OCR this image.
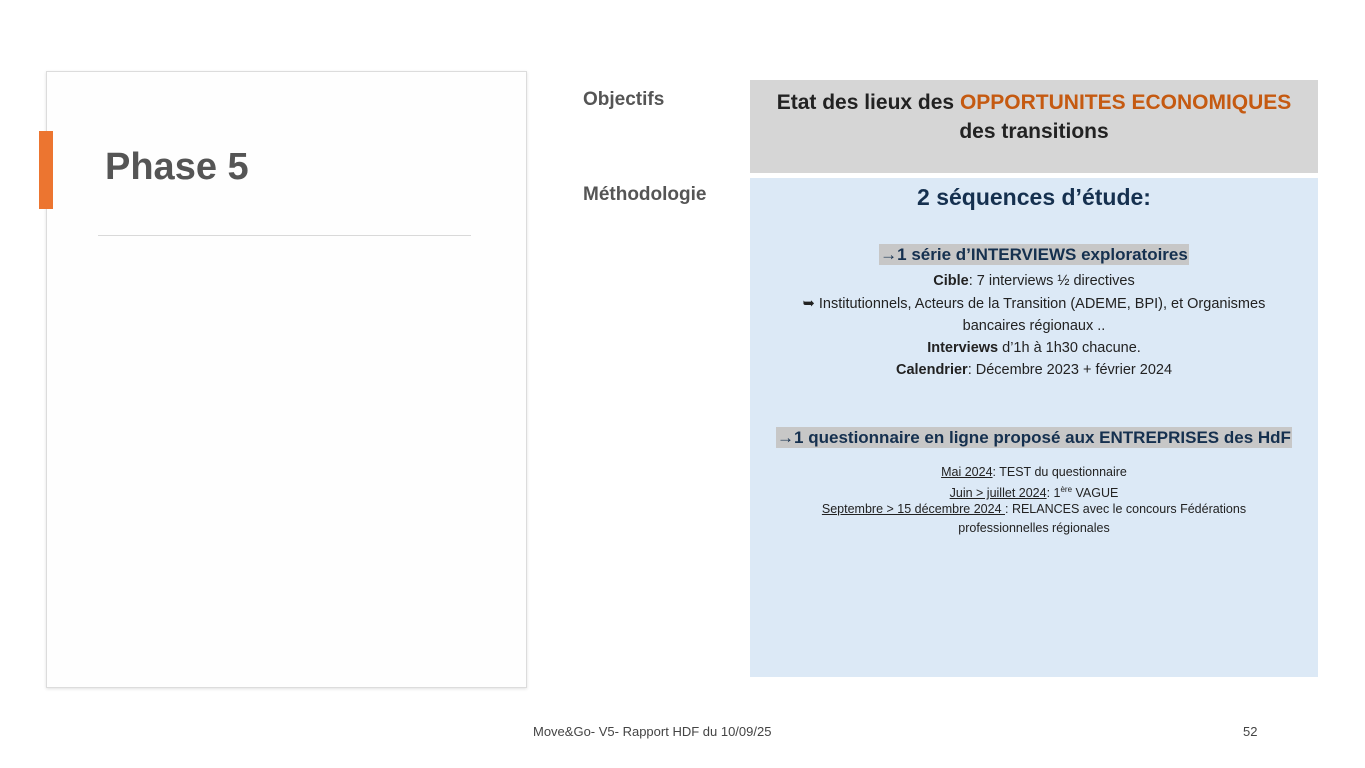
Phase 5
Objectifs
Méthodologie
Etat des lieux des OPPORTUNITES ECONOMIQUES
des transitions
2 séquences d’étude:
→1 série d’INTERVIEWS exploratoires
Cible: 7 interviews ½ directives
➥ Institutionnels, Acteurs de la Transition (ADEME, BPI), et Organismes
bancaires régionaux ..
Interviews d’1h à 1h30 chacune.
Calendrier: Décembre 2023 + février 2024
→1 questionnaire en ligne proposé aux ENTREPRISES des HdF
Mai 2024: TEST du questionnaire
Juin > juillet 2024: 1ère VAGUE
Septembre > 15 décembre 2024 : RELANCES avec le concours Fédérations
professionnelles régionales
Move&Go- V5- Rapport HDF du 10/09/25	52
